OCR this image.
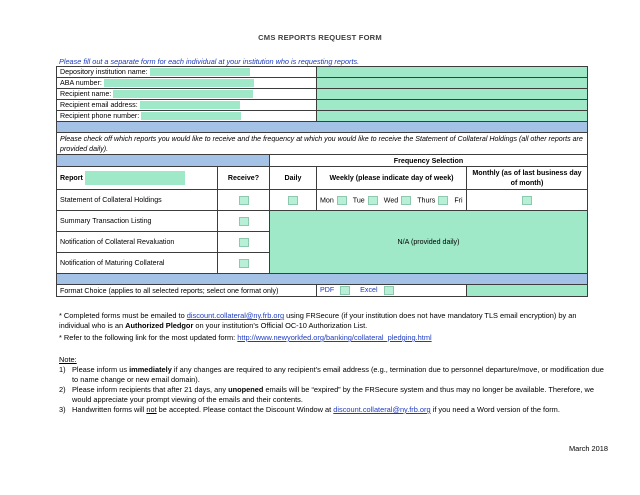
CMS REPORTS REQUEST FORM
Please fill out a separate form for each individual at your institution who is requesting reports.
Depository institution name:				
ABA number:				
Recipient name:				
Recipient email address:				
Recipient phone number:				

Please check off which reports you would like to receive and the frequency at which you would like to receive the Statement of Collateral Holdings (all other reports are provided daily).				
		Frequency Selection		
Report	Receive?	Daily	Weekly (please indicate day of week)	Monthly (as of last business day of month)
Statement of Collateral Holdings			Mon Tue Wed Thurs Fri	
Summary Transaction Listing		N/A (provided daily)		
Notification of Collateral Revaluation				
Notification of Maturing Collateral				

Format Choice (applies to all selected reports; select one format only)			PDF Excel	
* Completed forms must be emailed to discount.collateral@ny.frb.org using FRSecure (if your institution does not have mandatory TLS email encryption) by an individual who is an Authorized Pledgor on your institution’s Official OC-10 Authorization List.
* Refer to the following link for the most updated form: http://www.newyorkfed.org/banking/collateral_pledging.html
Note:
1) Please inform us immediately if any changes are required to any recipient’s email address (e.g., termination due to personnel departure/move, or modification due to name change or new email domain).
2) Please inform recipients that after 21 days, any unopened emails will be “expired” by the FRSecure system and thus may no longer be available. Therefore, we would appreciate your prompt viewing of the emails and their contents.
3) Handwritten forms will not be accepted. Please contact the Discount Window at discount.collateral@ny.frb.org if you need a Word version of the form.
March 2018
